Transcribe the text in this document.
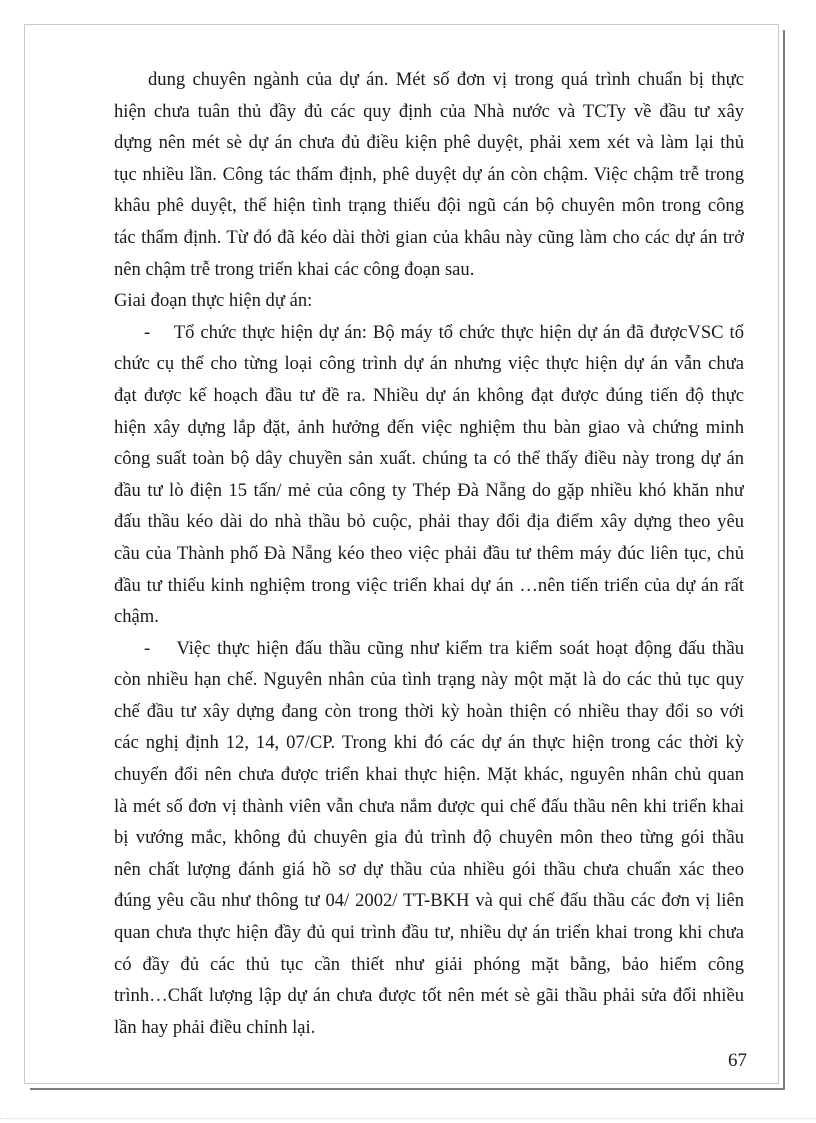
dung chuyên ngành của dự án. Mét số đơn vị trong quá trình chuẩn bị thực
hiện chưa tuân thủ đầy đủ các quy định của Nhà nước và TCTy về đầu tư xây
dựng nên mét sè dự án chưa đủ điều kiện phê duyệt, phải xem xét và làm lại thủ
tục nhiều lần. Công tác thẩm định, phê duyệt dự án còn chậm. Việc chậm trễ trong
khâu phê duyệt, thể hiện tình trạng thiếu đội ngũ cán bộ chuyên môn trong công
tác thẩm định. Từ đó đã kéo dài thời gian của khâu này cũng làm cho các dự án trở
nên chậm trễ trong triển khai các công đoạn sau.
Giai đoạn thực hiện dự án:
-    Tổ chức thực hiện dự án: Bộ máy tổ chức thực hiện dự án đã đượcVSC tổ
chức cụ thể cho từng loại công trình dự án nhưng việc thực hiện dự án vẫn chưa
đạt được kế hoạch đầu tư đề ra. Nhiều dự án không đạt được đúng tiến độ thực
hiện xây dựng lắp đặt, ảnh hưởng đến việc nghiệm thu bàn giao và chứng minh
công suất toàn bộ dây chuyền sản xuất. chúng ta có thể thấy điều này trong dự án
đầu tư lò điện 15 tấn/ mẻ của công ty Thép Đà Nẵng do gặp nhiều khó khăn như
đấu thầu kéo dài do nhà thầu bỏ cuộc, phải thay đổi địa điểm xây dựng theo yêu
cầu của Thành phố Đà Nẵng kéo theo việc phải đầu tư thêm máy đúc liên tục, chủ
đầu tư thiếu kinh nghiệm trong việc triển khai dự án …nên tiến triển của dự án rất
chậm.
-    Việc thực hiện đấu thầu cũng như kiểm tra kiểm soát hoạt động đấu thầu
còn nhiều hạn chế. Nguyên nhân của tình trạng này một mặt là do các thủ tục quy
chế đầu tư xây dựng đang còn trong thời kỳ hoàn thiện có nhiều thay đổi so với
các nghị định 12, 14, 07/CP. Trong khi đó các dự án thực hiện trong các thời kỳ
chuyển đổi nên chưa được triển khai thực hiện. Mặt khác, nguyên nhân chủ quan
là mét số đơn vị thành viên vẫn chưa nắm được qui chế đấu thầu nên khi triển khai
bị vướng mắc, không đủ chuyên gia đủ trình độ chuyên môn theo từng gói thầu
nên chất lượng đánh giá hồ sơ dự thầu của nhiều gói thầu chưa chuẩn xác theo
đúng yêu cầu như thông tư 04/ 2002/ TT-BKH và qui chế đấu thầu các đơn vị liên
quan chưa thực hiện đầy đủ qui trình đầu tư, nhiều dự án triển khai trong khi chưa
có đầy đủ các thủ tục cần thiết như giải phóng mặt bằng, bảo hiểm công
trình…Chất lượng lập dự án chưa được tốt nên mét sè gãi thầu phải sửa đổi nhiều
lần hay phải điều chỉnh lại.
67
